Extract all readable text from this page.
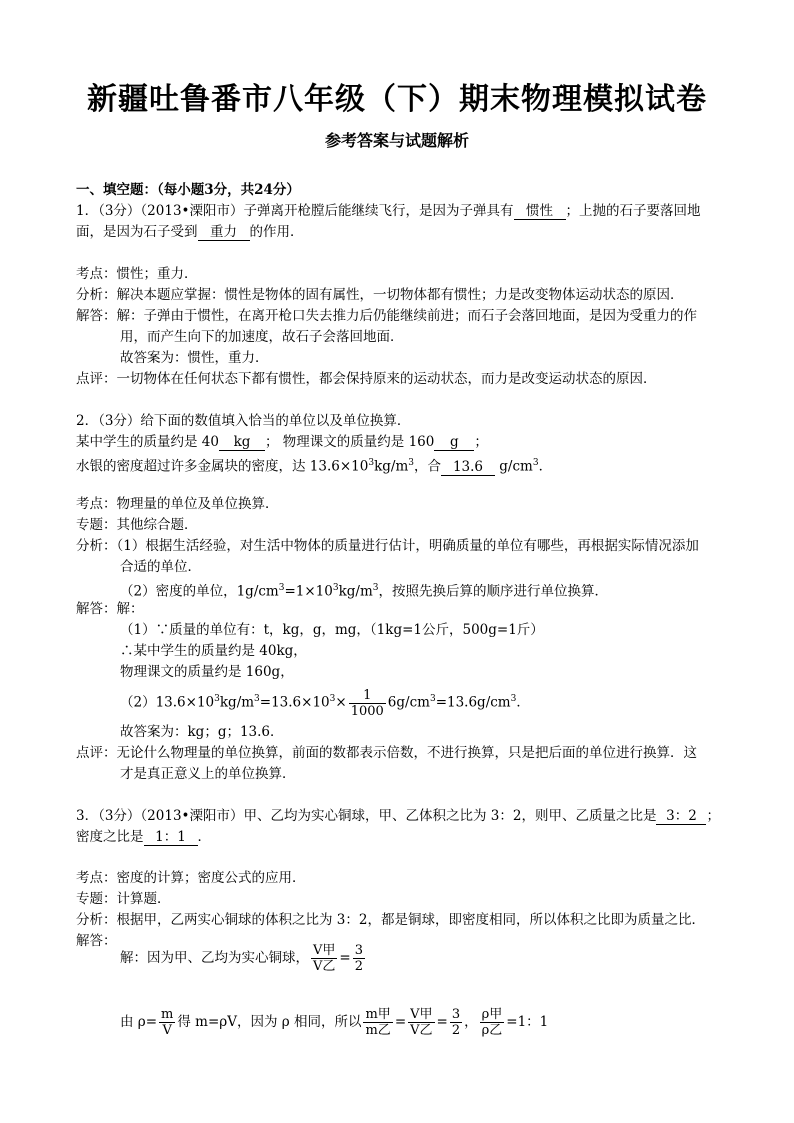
新疆吐鲁番市八年级（下）期末物理模拟试卷
参考答案与试题解析
一、填空题：（每小题3分，共24分）
1．（3分）（2013•溧阳市）子弹离开枪膛后能继续飞行，是因为子弹具有 惯性 ；上抛的石子要落回地
面，是因为石子受到 重力 的作用．
考点：惯性；重力．
分析：解决本题应掌握：惯性是物体的固有属性，一切物体都有惯性；力是改变物体运动状态的原因．
解答：解：子弹由于惯性，在离开枪口失去推力后仍能继续前进；而石子会落回地面，是因为受重力的作
用，而产生向下的加速度，故石子会落回地面．
故答案为：惯性，重力．
点评：一切物体在任何状态下都有惯性，都会保持原来的运动状态，而力是改变运动状态的原因．
2．（3分）给下面的数值填入恰当的单位以及单位换算．
某中学生的质量约是 40 kg ； 物理课文的质量约是 160 g ；
水银的密度超过许多金属块的密度，达 $13.6\times 10^3kg/m^3$，合 13.6 $g/cm^3$．
考点：物理量的单位及单位换算．
专题：其他综合题．
分析：（1）根据生活经验，对生活中物体的质量进行估计，明确质量的单位有哪些，再根据实际情况添加
合适的单位．
（2）密度的单位，$1g/cm^3=1\times 10^3kg/m^3$，按照先换后算的顺序进行单位换算．
解答：解：
（1）∵质量的单位有：t，kg，g，mg，（1kg=1公斤，500g=1斤）
∴某中学生的质量约是 40kg，
物理课文的质量约是 160g，
$(2)13.6\times 10^3kg/m^3=13.6\times 10^3\times \frac{1}{1000} 6g/cm^3=13.6g/cm^3$．
故答案为：kg；g；13.6．
点评：无论什么物理量的单位换算，前面的数都表示倍数，不进行换算，只是把后面的单位进行换算．这
才是真正意义上的单位换算．
3．（3分）（2013•溧阳市）甲、乙均为实心铜球，甲、乙体积之比为 3：2，则甲、乙质量之比是 3：2 ；
密度之比是 1：1 ．
考点：密度的计算；密度公式的应用．
专题：计算题．
分析：根据甲，乙两实心铜球的体积之比为 3：2，都是铜球，即密度相同，所以体积之比即为质量之比．
解答：
解：因为甲、乙均为实心铜球， $\frac{\text{V甲}}{\text{V乙}} = \frac{3}{2}$
由 $\rho= \frac{m}{V}$ 得 m=ρV，因为 ρ 相同，所以 $\frac{\text{m甲}}{\text{m乙}} = \frac{\text{V甲}}{\text{V乙}} = \frac{3}{2}$ ， $\frac{\text{ρ甲}}{\text{ρ乙}} =1$：1
